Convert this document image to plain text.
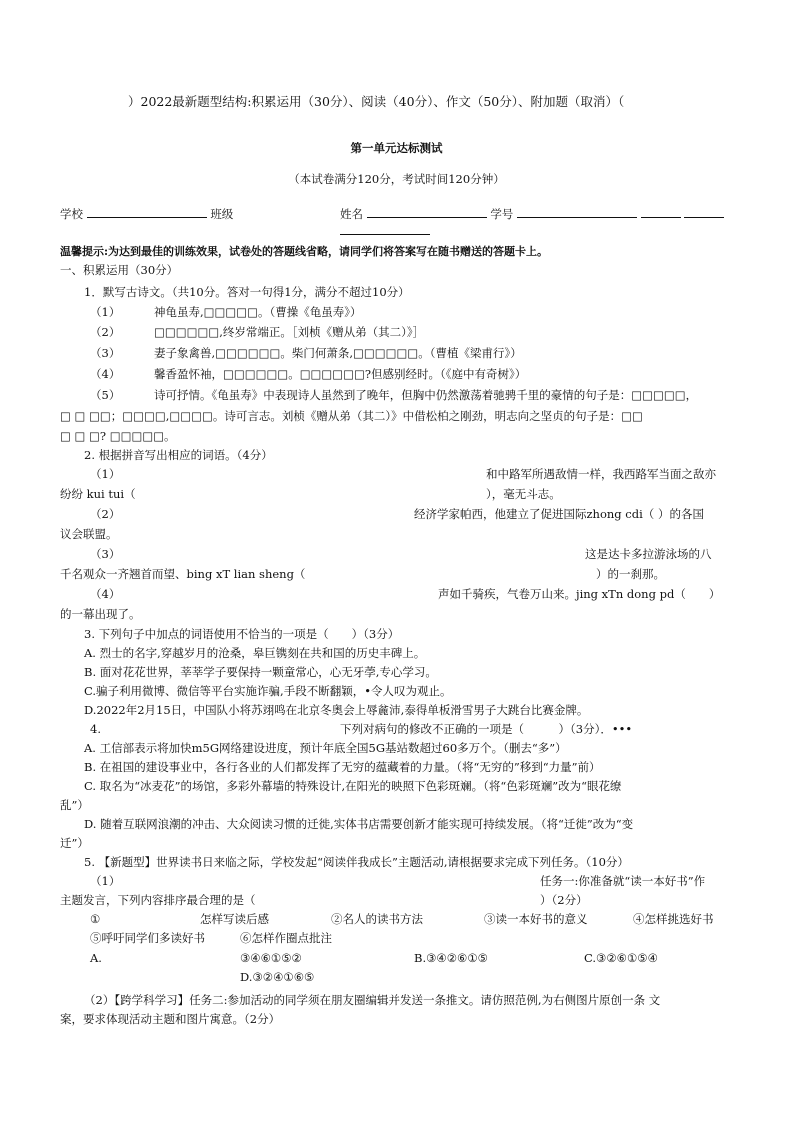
）2022最新题型结构:积累运用（30分）、阅读（40分）、作文（50分）、附加题（取消）（
第一单元达标测试
（本试卷满分120分，考试时间120分钟）
学校	班级	姓名	学号
温馨提示:为达到最佳的训练效果，试卷处的答题线省略，请同学们将答案写在随书赠送的答题卡上。
一、积累运用（30分）
1．默写古诗文。（共10分。答对一句得1分，满分不超过10分）
（1）	神龟虽寿,□□□□□。（曹操《龟虽寿》）
（2）	□□□□□□,终岁常端正。［刘桢《赠从弟（其二）》］
（3）	妻子象禽兽,□□□□□□。柴门何萧条,□□□□□□。（曹植《梁甫行》）
（4）	馨香盈怀袖，□□□□□□。□□□□□□?但感别经时。（《庭中有奇树》）
（5）	诗可抒情。《龟虽寿》中表现诗人虽然到了晚年，但胸中仍然激荡着驰骋千里的豪情的句子是：□□□□□，
□ □ □□；□□□□,□□□□。诗可言志。刘桢《赠从弟（其二）》中借松柏之刚劲，明志向之坚贞的句子是：□□
□ □ □? □□□□□。
2. 根据拼音写出相应的词语。（4分）
（1）	和中路军所遇敌情一样，我西路军当面之敌亦
纷纷 kui tui（	），毫无斗志。
（2）	经济学家帕西，他建立了促进国际zhong cdi（ ）的各国
议会联盟。
（3）	这是达卡多拉游泳场的八
千名观众一齐翘首而望、bing xT lian sheng（	）的一刹那。
（4）	声如千骑疾，气卷万山来。jing xTn dong pd（　　）
的一幕出现了。
3. 下列句子中加点的词语使用不恰当的一项是（　　）（3分）
A. 烈士的名字,穿越岁月的沧桑，皋巨镌刻在共和国的历史丰碑上。
B. 面对花花世界，莘莘学子要保持一颗童常心，心无牙荸,专心学习。
C.骗子利用微博、微信等平台实施诈骗,手段不断翻颖，•令人叹为观止。
D.2022年2月15日，中国队小将苏翊鸣在北京冬奥会上辱麄沛,泰得单板滑雪男子大跳台比赛金牌。
4.	下列对病句的修改不正确的一项是（　　　）（3分）．•••
A. 工信部表示将加快m5G网络建设进度，预计年底全国5G基站数超过60多万个。（删去“多”）
B. 在祖国的建设事业中，各行各业的人们都发挥了无穷的蕴藏着的力量。（将“无穷的”移到“力量”前）
C. 取名为“冰麦花”的场馆，多彩外幕墙的特殊设计,在阳光的映照下色彩斑斓。（将“色彩斑斓”改为“眼花缭
乱”）
D. 随着互联网浪潮的冲击、大众阅读习惯的迁徙,实体书店需要创新才能实现可持续发展。（将“迁徙”改为“变
迁”）
5. 【新题型】世界读书日来临之际，学校发起“阅读伴我成长”主题活动,请根据要求完成下列任务。（10分）
（1）	任务一:你准备就“读一本好书”作
主题发言，下列内容排序最合理的是（	）（2分）
①	怎样写读后感	②名人的读书方法	③读一本好书的意义	④怎样挑选好书
⑤呼吁同学们多读好书	⑥怎样作圈点批注
A.	③④⑥①⑤②	B.③④②⑥①⑤	C.③②⑥①⑤④
D.③②④①⑥⑤
（2）【跨学科学习】任务二:参加活动的同学须在朋友圈编辑并发送一条推文。请仿照范例,为右侧图片原创一条 文
案，要求体现活动主题和图片寓意。（2分）
